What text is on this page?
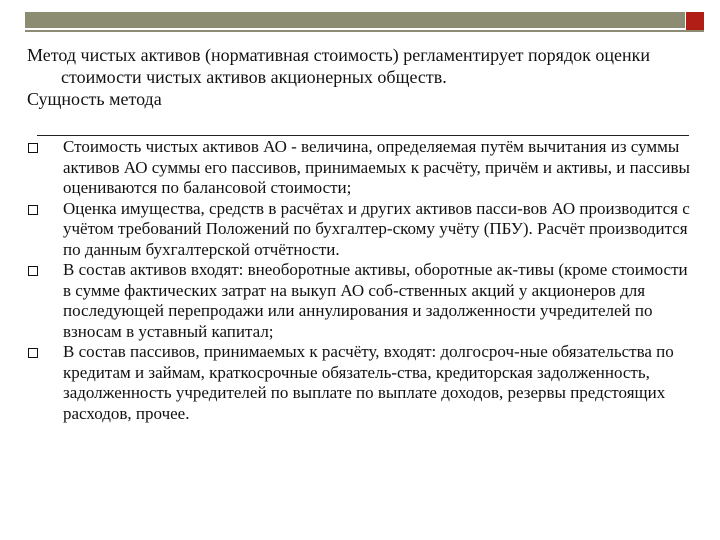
Метод чистых активов (нормативная стоимость) регламентирует порядок оценки стоимости чистых активов акционерных обществ.

Сущность метода

Стоимость чистых активов АО - величина, определяемая путём вычитания из суммы активов АО суммы его пассивов, принимаемых к расчёту, причём и активы, и пассивы оцениваются по балансовой стоимости;
Оценка имущества, средств в расчётах и других активов пасси-вов АО производится с учётом требований Положений по бухгалтер-скому учёту (ПБУ). Расчёт производится по данным бухгалтерской отчётности.
В состав активов входят: внеоборотные активы, оборотные ак-тивы (кроме стоимости в сумме фактических затрат на выкуп АО соб-ственных акций у акционеров для последующей перепродажи или аннулирования и задолженности учредителей по взносам в уставный капитал;
В состав пассивов, принимаемых к расчёту, входят: долгосроч-ные обязательства по кредитам и займам, краткосрочные обязатель-ства, кредиторская задолженность, задолженность учредителей по выплате по выплате доходов, резервы предстоящих расходов, прочее.
